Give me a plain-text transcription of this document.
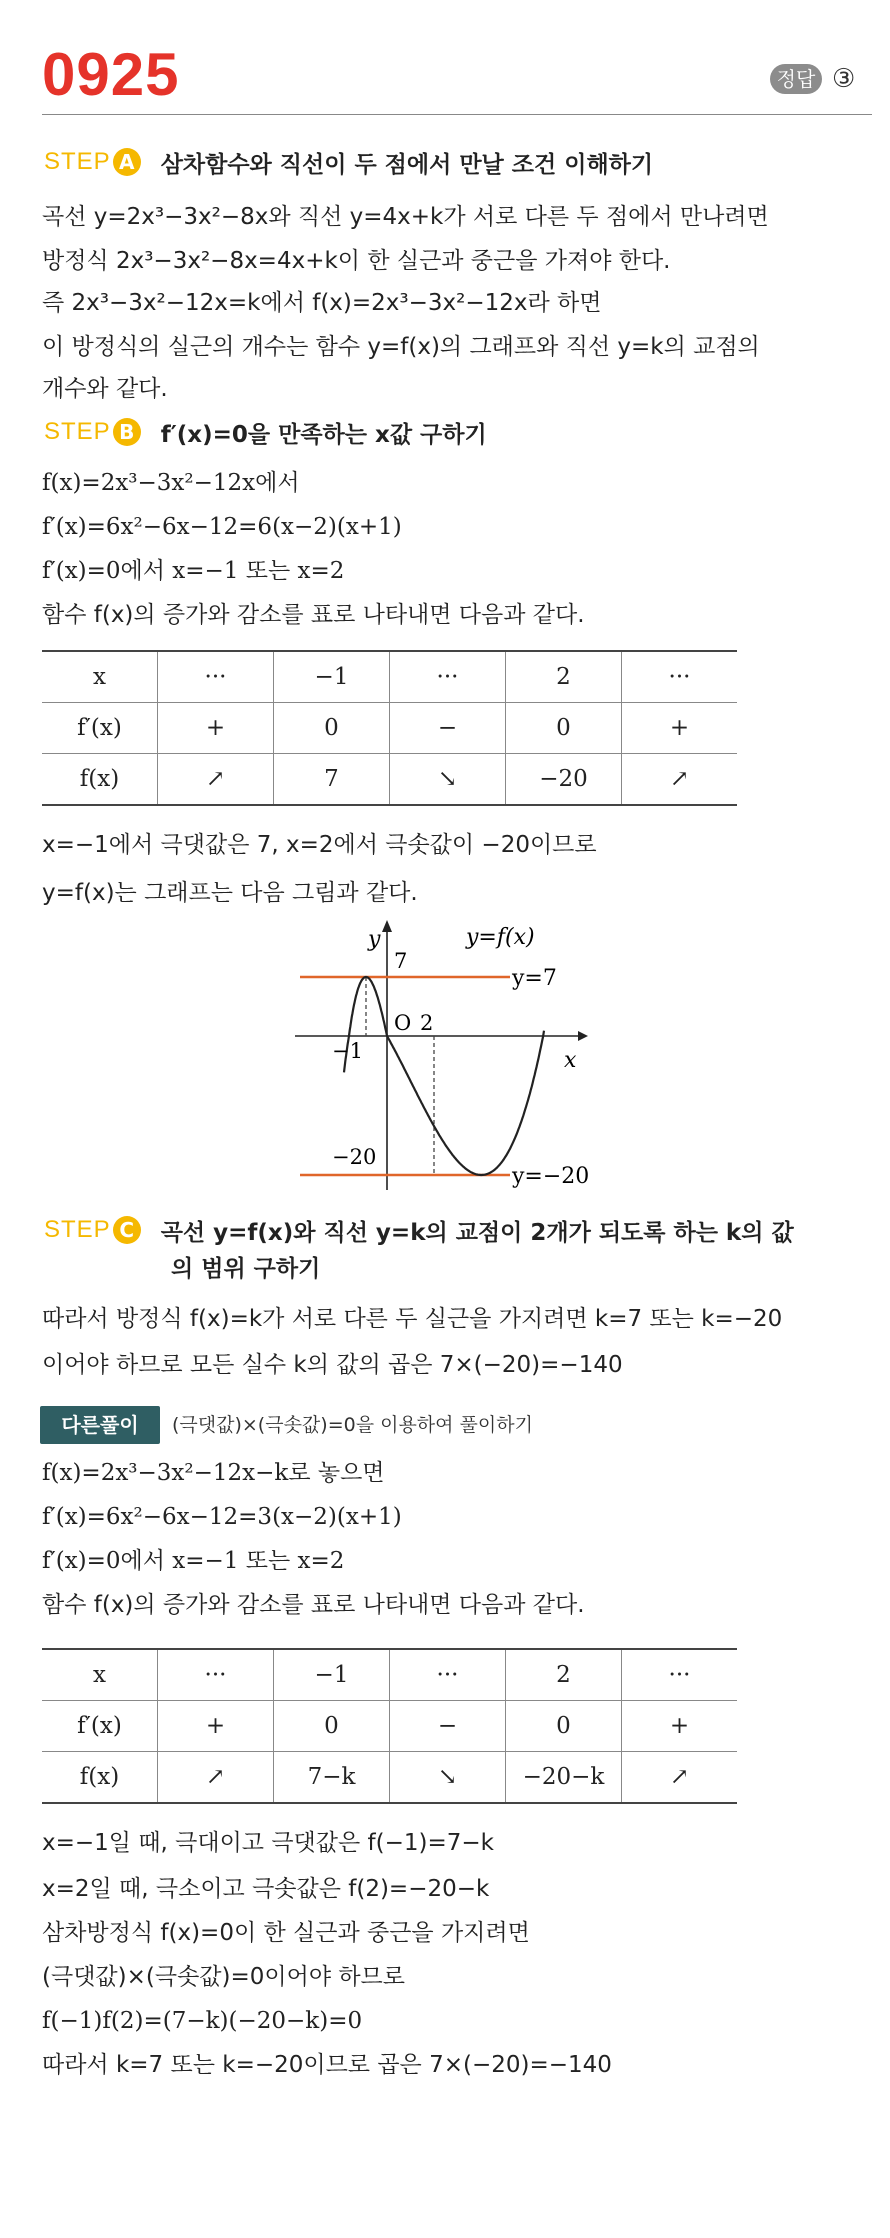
0925	정답 ③
STEP A 삼차함수와 직선이 두 점에서 만날 조건 이해하기
곡선 y=2x³−3x²−8x와 직선 y=4x+k가 서로 다른 두 점에서 만나려면
방정식 2x³−3x²−8x=4x+k이 한 실근과 중근을 가져야 한다.
즉 2x³−3x²−12x=k에서 f(x)=2x³−3x²−12x라 하면
이 방정식의 실근의 개수는 함수 y=f(x)의 그래프와 직선 y=k의 교점의
개수와 같다.
STEP B f′(x)=0을 만족하는 x값 구하기
f(x)=2x³−3x²−12x에서
f′(x)=6x²−6x−12=6(x−2)(x+1)
f′(x)=0에서 x=−1 또는 x=2
함수 f(x)의 증가와 감소를 표로 나타내면 다음과 같다.
x	···	−1	···	2	···
f′(x)	+	0	−	0	+
f(x)	↗	7	↘	−20	↗
x=−1에서 극댓값은 7, x=2에서 극솟값이 −20이므로
y=f(x)는 그래프는 다음 그림과 같다.
y
x
O 2
−1
7
−20
y=f(x)
y=7
y=−20
STEP C 곡선 y=f(x)와 직선 y=k의 교점이 2개가 되도록 하는 k의 값
의 범위 구하기
따라서 방정식 f(x)=k가 서로 다른 두 실근을 가지려면 k=7 또는 k=−20
이어야 하므로 모든 실수 k의 값의 곱은 7×(−20)=−140
다른풀이	(극댓값)×(극솟값)=0을 이용하여 풀이하기
f(x)=2x³−3x²−12x−k로 놓으면
f′(x)=6x²−6x−12=3(x−2)(x+1)
f′(x)=0에서 x=−1 또는 x=2
함수 f(x)의 증가와 감소를 표로 나타내면 다음과 같다.
x	···	−1	···	2	···
f′(x)	+	0	−	0	+
f(x)	↗	7−k	↘	−20−k	↗
x=−1일 때, 극대이고 극댓값은 f(−1)=7−k
x=2일 때, 극소이고 극솟값은 f(2)=−20−k
삼차방정식 f(x)=0이 한 실근과 중근을 가지려면
(극댓값)×(극솟값)=0이어야 하므로
f(−1)f(2)=(7−k)(−20−k)=0
따라서 k=7 또는 k=−20이므로 곱은 7×(−20)=−140
